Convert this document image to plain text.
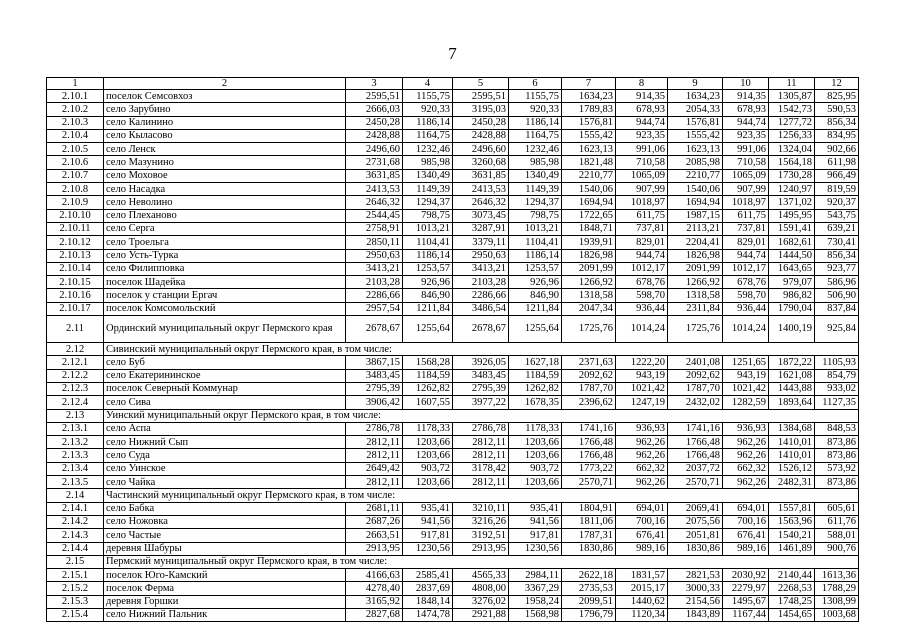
7
1	2	3	4	5	6	7	8	9	10	11	12
2.10.1	поселок Семсовхоз	2595,51	1155,75	2595,51	1155,75	1634,23	914,35	1634,23	914,35	1305,87	825,95
2.10.2	село Зарубино	2666,03	920,33	3195,03	920,33	1789,83	678,93	2054,33	678,93	1542,73	590,53
2.10.3	село Калинино	2450,28	1186,14	2450,28	1186,14	1576,81	944,74	1576,81	944,74	1277,72	856,34
2.10.4	село Кыласово	2428,88	1164,75	2428,88	1164,75	1555,42	923,35	1555,42	923,35	1256,33	834,95
2.10.5	село Ленск	2496,60	1232,46	2496,60	1232,46	1623,13	991,06	1623,13	991,06	1324,04	902,66
2.10.6	село Мазунино	2731,68	985,98	3260,68	985,98	1821,48	710,58	2085,98	710,58	1564,18	611,98
2.10.7	село Моховое	3631,85	1340,49	3631,85	1340,49	2210,77	1065,09	2210,77	1065,09	1730,28	966,49
2.10.8	село Насадка	2413,53	1149,39	2413,53	1149,39	1540,06	907,99	1540,06	907,99	1240,97	819,59
2.10.9	село Неволино	2646,32	1294,37	2646,32	1294,37	1694,94	1018,97	1694,94	1018,97	1371,02	920,37
2.10.10	село Плехановo	2544,45	798,75	3073,45	798,75	1722,65	611,75	1987,15	611,75	1495,95	543,75
2.10.11	село Серга	2758,91	1013,21	3287,91	1013,21	1848,71	737,81	2113,21	737,81	1591,41	639,21
2.10.12	село Троельга	2850,11	1104,41	3379,11	1104,41	1939,91	829,01	2204,41	829,01	1682,61	730,41
2.10.13	село Усть-Турка	2950,63	1186,14	2950,63	1186,14	1826,98	944,74	1826,98	944,74	1444,50	856,34
2.10.14	село Филипповка	3413,21	1253,57	3413,21	1253,57	2091,99	1012,17	2091,99	1012,17	1643,65	923,77
2.10.15	поселок Шадейка	2103,28	926,96	2103,28	926,96	1266,92	678,76	1266,92	678,76	979,07	586,96
2.10.16	поселок у станции Ергач	2286,66	846,90	2286,66	846,90	1318,58	598,70	1318,58	598,70	986,82	506,90
2.10.17	поселок Комсомольский	2957,54	1211,84	3486,54	1211,84	2047,34	936,44	2311,84	936,44	1790,04	837,84
2.11	Ординский муниципальный округ Пермского края	2678,67	1255,64	2678,67	1255,64	1725,76	1014,24	1725,76	1014,24	1400,19	925,84
2.12	Сивинский муниципальный округ Пермского края, в том числе:										
2.12.1	село Буб	3867,15	1568,28	3926,05	1627,18	2371,63	1222,20	2401,08	1251,65	1872,22	1105,93
2.12.2	село Екатерининское	3483,45	1184,59	3483,45	1184,59	2092,62	943,19	2092,62	943,19	1621,08	854,79
2.12.3	поселок Северный Коммунар	2795,39	1262,82	2795,39	1262,82	1787,70	1021,42	1787,70	1021,42	1443,88	933,02
2.12.4	село Сива	3906,42	1607,55	3977,22	1678,35	2396,62	1247,19	2432,02	1282,59	1893,64	1127,35
2.13	Уинский муниципальный округ Пермского края, в том числе:										
2.13.1	село Аспа	2786,78	1178,33	2786,78	1178,33	1741,16	936,93	1741,16	936,93	1384,68	848,53
2.13.2	село Нижний Сып	2812,11	1203,66	2812,11	1203,66	1766,48	962,26	1766,48	962,26	1410,01	873,86
2.13.3	село Суда	2812,11	1203,66	2812,11	1203,66	1766,48	962,26	1766,48	962,26	1410,01	873,86
2.13.4	село Уинское	2649,42	903,72	3178,42	903,72	1773,22	662,32	2037,72	662,32	1526,12	573,92
2.13.5	село Чайка	2812,11	1203,66	2812,11	1203,66	2570,71	962,26	2570,71	962,26	2482,31	873,86
2.14	Частинский муниципальный округ Пермского края, в том числе:										
2.14.1	село Бабка	2681,11	935,41	3210,11	935,41	1804,91	694,01	2069,41	694,01	1557,81	605,61
2.14.2	село Ножовка	2687,26	941,56	3216,26	941,56	1811,06	700,16	2075,56	700,16	1563,96	611,76
2.14.3	село Частые	2663,51	917,81	3192,51	917,81	1787,31	676,41	2051,81	676,41	1540,21	588,01
2.14.4	деревня Шабуры	2913,95	1230,56	2913,95	1230,56	1830,86	989,16	1830,86	989,16	1461,89	900,76
2.15	Пермский муниципальный округ Пермского края, в том числе:										
2.15.1	поселок Юго-Камский	4166,63	2585,41	4565,33	2984,11	2622,18	1831,57	2821,53	2030,92	2140,44	1613,36
2.15.2	поселок Ферма	4278,40	2837,69	4808,00	3367,29	2735,53	2015,17	3000,33	2279,97	2268,53	1788,29
2.15.3	деревня Горшки	3165,92	1848,14	3276,02	1958,24	2099,51	1440,62	2154,56	1495,67	1748,25	1308,99
2.15.4	село Нижний Пальник	2827,68	1474,78	2921,88	1568,98	1796,79	1120,34	1843,89	1167,44	1454,65	1003,68
